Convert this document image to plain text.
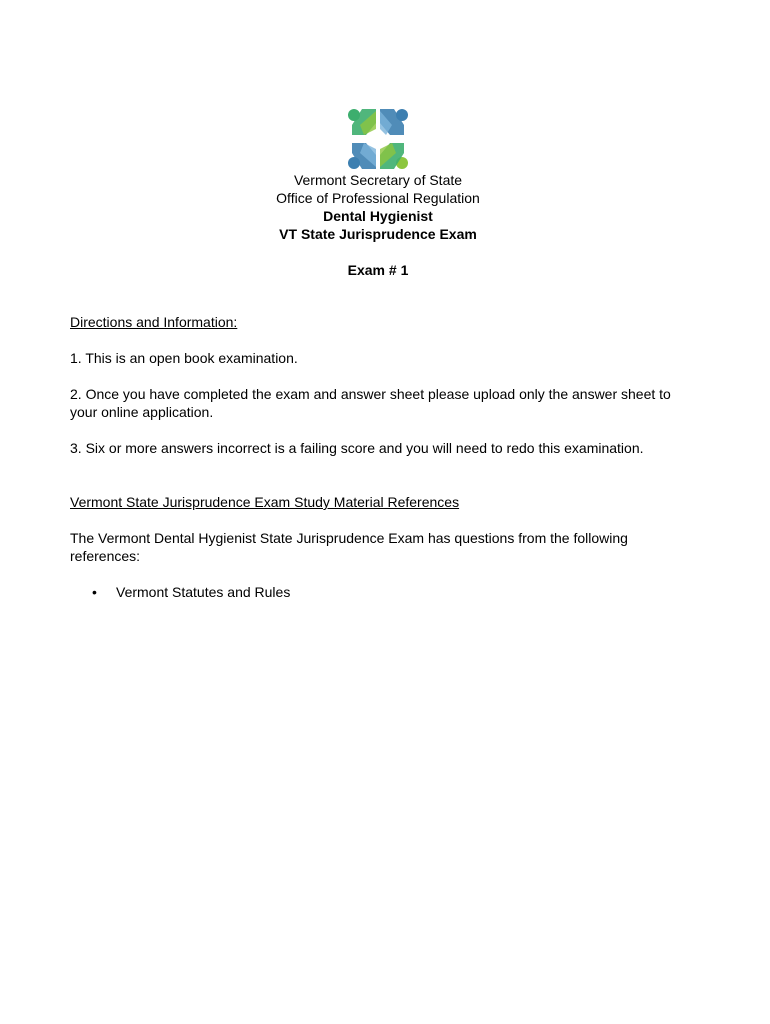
Vermont Secretary of State
Office of Professional Regulation
Dental Hygienist
VT State Jurisprudence Exam
Exam # 1

Directions and Information:

1. This is an open book examination.

2. Once you have completed the exam and answer sheet please upload only the answer sheet to your online application.

3. Six or more answers incorrect is a failing score and you will need to redo this examination.

Vermont State Jurisprudence Exam Study Material References

The Vermont Dental Hygienist State Jurisprudence Exam has questions from the following references:

• Vermont Statutes and Rules
